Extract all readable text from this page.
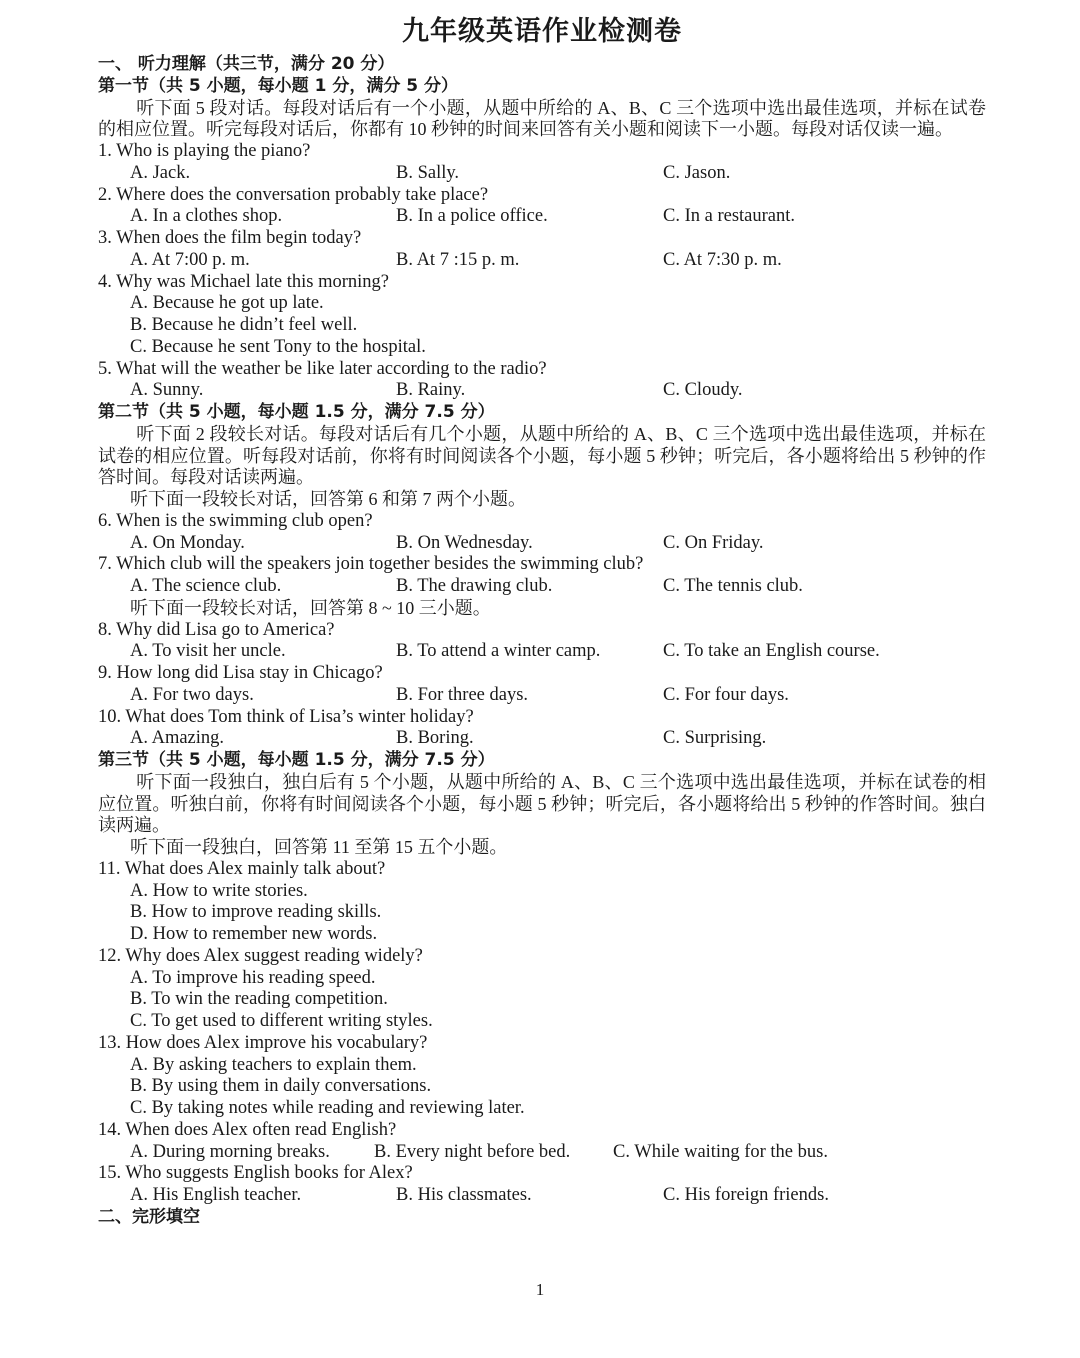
九年级英语作业检测卷
一、 听力理解（共三节，满分 20 分）
第一节（共 5 小题，每小题 1 分，满分 5 分）
听下面 5 段对话。每段对话后有一个小题，从题中所给的 A、B、C 三个选项中选出最佳选项，并标在试卷的相应位置。听完每段对话后，你都有 10 秒钟的时间来回答有关小题和阅读下一小题。每段对话仅读一遍。
1. Who is playing the piano?
A. Jack.	B. Sally.	C. Jason.
2. Where does the conversation probably take place?
A. In a clothes shop.	B. In a police office.	C. In a restaurant.
3. When does the film begin today?
A. At 7:00 p. m.	B. At 7 :15 p. m.	C. At 7:30 p. m.
4. Why was Michael late this morning?
A. Because he got up late.
B. Because he didn’t feel well.
C. Because he sent Tony to the hospital.
5. What will the weather be like later according to the radio?
A. Sunny.	B. Rainy.	C. Cloudy.
第二节（共 5 小题，每小题 1.5 分，满分 7.5 分）
听下面 2 段较长对话。每段对话后有几个小题，从题中所给的 A、B、C 三个选项中选出最佳选项，并标在试卷的相应位置。听每段对话前，你将有时间阅读各个小题，每小题 5 秒钟；听完后，各小题将给出 5 秒钟的作答时间。每段对话读两遍。
听下面一段较长对话，回答第 6 和第 7 两个小题。
6. When is the swimming club open?
A. On Monday.	B. On Wednesday.	C. On Friday.
7. Which club will the speakers join together besides the swimming club?
A. The science club.	B. The drawing club.	C. The tennis club.
听下面一段较长对话，回答第 8 ~ 10 三小题。
8. Why did Lisa go to America?
A. To visit her uncle.	B. To attend a winter camp.	C. To take an English course.
9. How long did Lisa stay in Chicago?
A. For two days.	B. For three days.	C. For four days.
10. What does Tom think of Lisa’s winter holiday?
A. Amazing.	B. Boring.	C. Surprising.
第三节（共 5 小题，每小题 1.5 分，满分 7.5 分）
听下面一段独白，独白后有 5 个小题，从题中所给的 A、B、C 三个选项中选出最佳选项，并标在试卷的相应位置。听独白前，你将有时间阅读各个小题，每小题 5 秒钟；听完后，各小题将给出 5 秒钟的作答时间。独白读两遍。
听下面一段独白，回答第 11 至第 15 五个小题。
11. What does Alex mainly talk about?
A. How to write stories.
B. How to improve reading skills.
D. How to remember new words.
12. Why does Alex suggest reading widely?
A. To improve his reading speed.
B. To win the reading competition.
C. To get used to different writing styles.
13. How does Alex improve his vocabulary?
A. By asking teachers to explain them.
B. By using them in daily conversations.
C. By taking notes while reading and reviewing later.
14. When does Alex often read English?
A. During morning breaks. B. Every night before bed. C. While waiting for the bus.
15. Who suggests English books for Alex?
A. His English teacher.	B. His classmates.	C. His foreign friends.
二、完形填空
1
